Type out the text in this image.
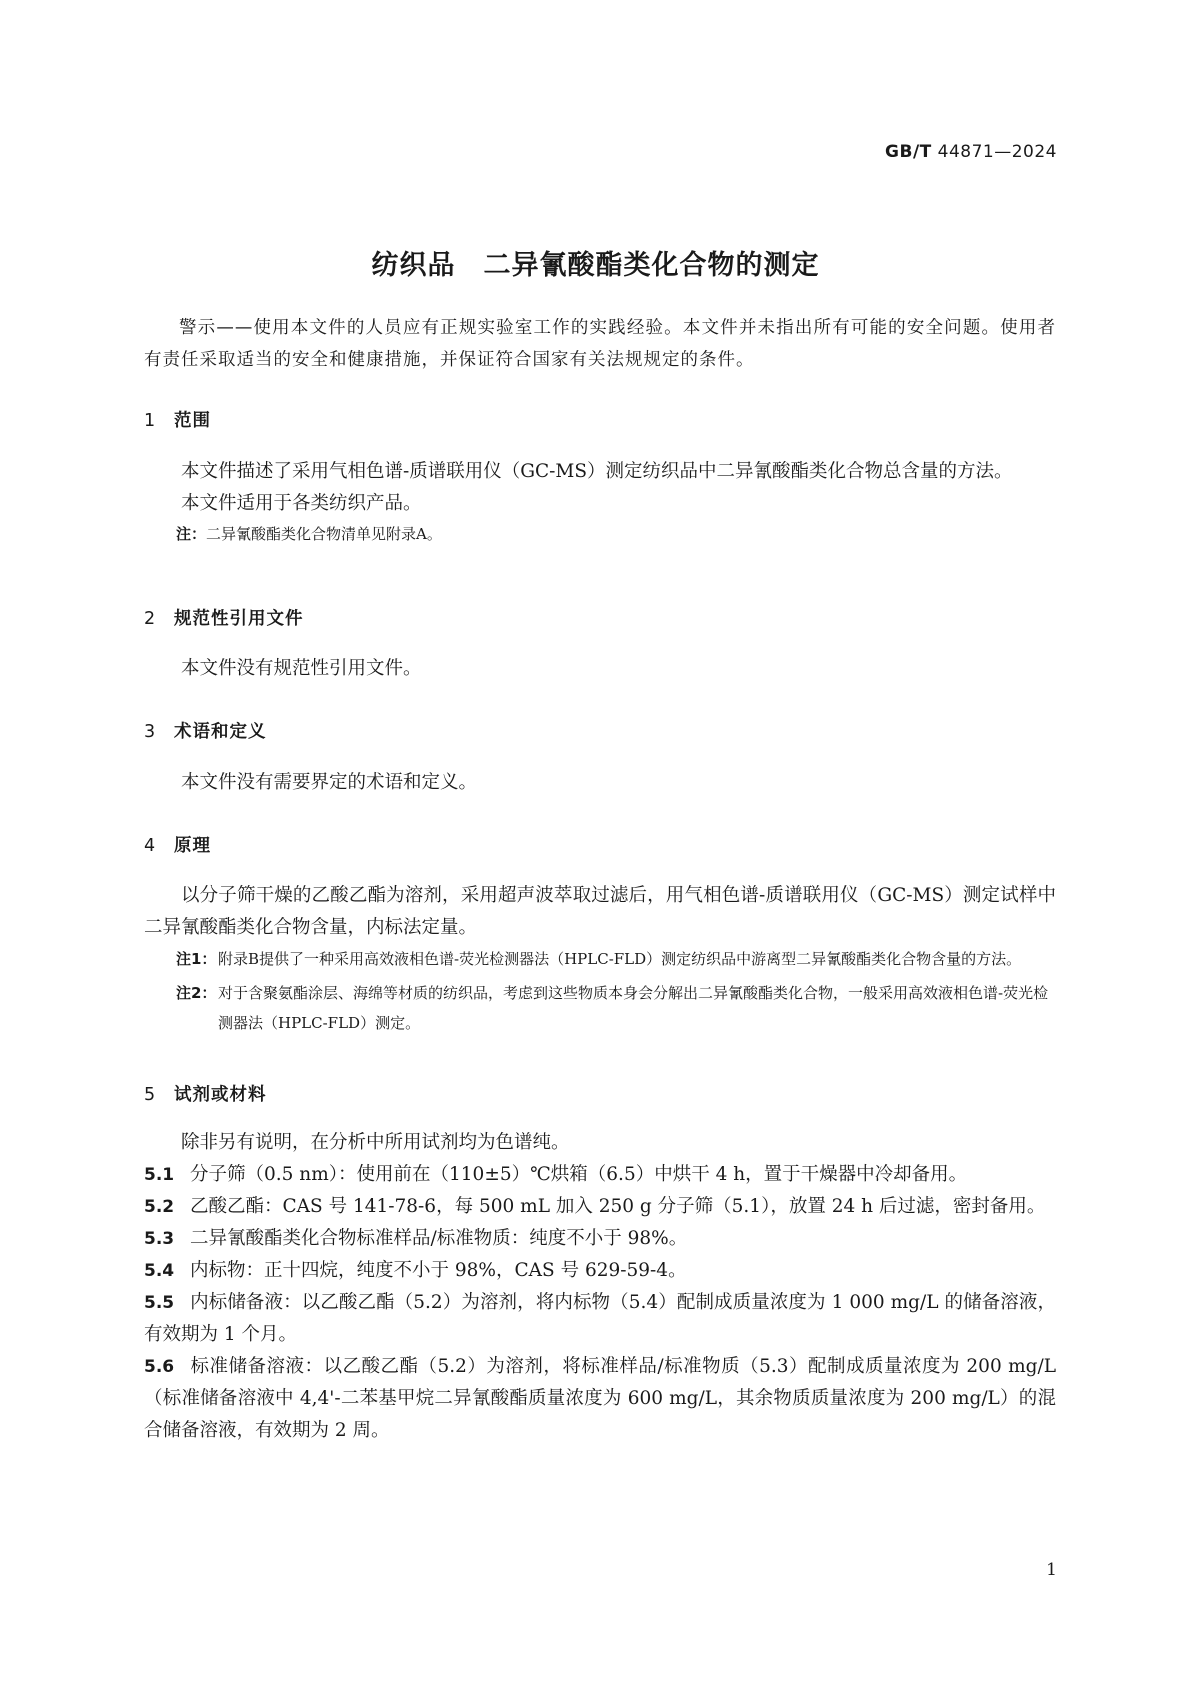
GB/T 44871—2024
纺织品　二异氰酸酯类化合物的测定

警示——使用本文件的人员应有正规实验室工作的实践经验。本文件并未指出所有可能的安全问题。使用者有责任采取适当的安全和健康措施，并保证符合国家有关法规规定的条件。

1 范围

本文件描述了采用气相色谱-质谱联用仪（GC-MS）测定纺织品中二异氰酸酯类化合物总含量的方法。

本文件适用于各类纺织产品。

注：二异氰酸酯类化合物清单见附录A。

2 规范性引用文件

本文件没有规范性引用文件。

3 术语和定义

本文件没有需要界定的术语和定义。

4 原理

以分子筛干燥的乙酸乙酯为溶剂，采用超声波萃取过滤后，用气相色谱-质谱联用仪（GC-MS）测定试样中二异氰酸酯类化合物含量，内标法定量。

注1： 附录B提供了一种采用高效液相色谱-荧光检测器法（HPLC-FLD）测定纺织品中游离型二异氰酸酯类化合物含量的方法。

注2： 对于含聚氨酯涂层、海绵等材质的纺织品，考虑到这些物质本身会分解出二异氰酸酯类化合物，一般采用高效液相色谱-荧光检测器法（HPLC-FLD）测定。

5 试剂或材料

除非另有说明，在分析中所用试剂均为色谱纯。

5.1 分子筛（0.5 nm）：使用前在（110±5）℃烘箱（6.5）中烘干 4 h，置于干燥器中冷却备用。

5.2 乙酸乙酯：CAS 号 141-78-6，每 500 mL 加入 250 g 分子筛（5.1），放置 24 h 后过滤，密封备用。

5.3 二异氰酸酯类化合物标准样品/标准物质：纯度不小于 98%。

5.4 内标物：正十四烷，纯度不小于 98%，CAS 号 629-59-4。

5.5 内标储备液：以乙酸乙酯（5.2）为溶剂，将内标物（5.4）配制成质量浓度为 1 000 mg/L 的储备溶液，有效期为 1 个月。

5.6 标准储备溶液：以乙酸乙酯（5.2）为溶剂，将标准样品/标准物质（5.3）配制成质量浓度为 200 mg/L（标准储备溶液中 4,4'-二苯基甲烷二异氰酸酯质量浓度为 600 mg/L，其余物质质量浓度为 200 mg/L）的混合储备溶液，有效期为 2 周。

1
